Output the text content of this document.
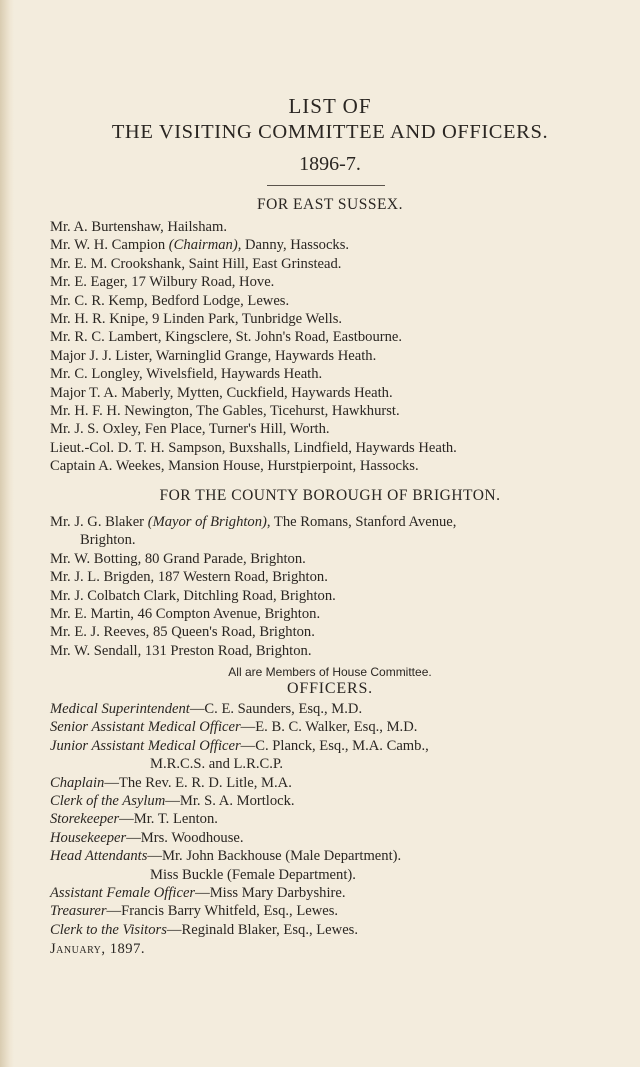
LIST OF
THE VISITING COMMITTEE AND OFFICERS.
1896-7.
FOR EAST SUSSEX.
Mr. A. Burtenshaw, Hailsham.
Mr. W. H. Campion (Chairman), Danny, Hassocks.
Mr. E. M. Crookshank, Saint Hill, East Grinstead.
Mr. E. Eager, 17 Wilbury Road, Hove.
Mr. C. R. Kemp, Bedford Lodge, Lewes.
Mr. H. R. Knipe, 9 Linden Park, Tunbridge Wells.
Mr. R. C. Lambert, Kingsclere, St. John's Road, Eastbourne.
Major J. J. Lister, Warninglid Grange, Haywards Heath.
Mr. C. Longley, Wivelsfield, Haywards Heath.
Major T. A. Maberly, Mytten, Cuckfield, Haywards Heath.
Mr. H. F. H. Newington, The Gables, Ticehurst, Hawkhurst.
Mr. J. S. Oxley, Fen Place, Turner's Hill, Worth.
Lieut.-Col. D. T. H. Sampson, Buxshalls, Lindfield, Haywards Heath.
Captain A. Weekes, Mansion House, Hurstpierpoint, Hassocks.
FOR THE COUNTY BOROUGH OF BRIGHTON.
Mr. J. G. Blaker (Mayor of Brighton), The Romans, Stanford Avenue,
Brighton.
Mr. W. Botting, 80 Grand Parade, Brighton.
Mr. J. L. Brigden, 187 Western Road, Brighton.
Mr. J. Colbatch Clark, Ditchling Road, Brighton.
Mr. E. Martin, 46 Compton Avenue, Brighton.
Mr. E. J. Reeves, 85 Queen's Road, Brighton.
Mr. W. Sendall, 131 Preston Road, Brighton.
All are Members of House Committee.
OFFICERS.
Medical Superintendent—C. E. Saunders, Esq., M.D.
Senior Assistant Medical Officer—E. B. C. Walker, Esq., M.D.
Junior Assistant Medical Officer—C. Planck, Esq., M.A. Camb.,
M.R.C.S. and L.R.C.P.
Chaplain—The Rev. E. R. D. Litle, M.A.
Clerk of the Asylum—Mr. S. A. Mortlock.
Storekeeper—Mr. T. Lenton.
Housekeeper—Mrs. Woodhouse.
Head Attendants—Mr. John Backhouse (Male Department).
Miss Buckle (Female Department).
Assistant Female Officer—Miss Mary Darbyshire.
Treasurer—Francis Barry Whitfeld, Esq., Lewes.
Clerk to the Visitors—Reginald Blaker, Esq., Lewes.
January, 1897.
